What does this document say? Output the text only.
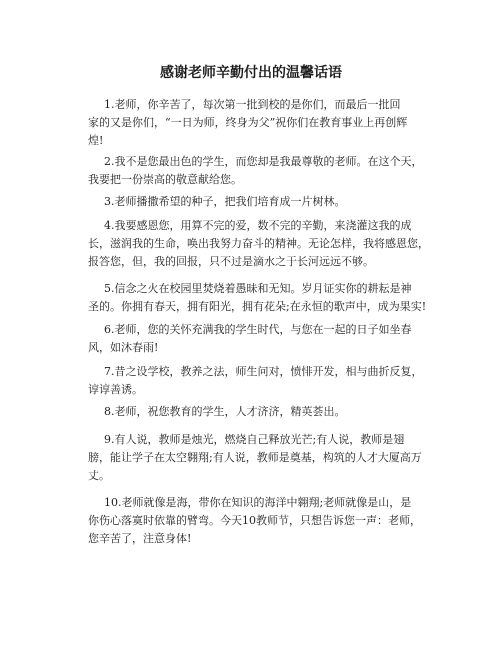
感谢老师辛勤付出的温馨话语
1.老师，你辛苦了，每次第一批到校的是你们，而最后一批回
家的又是你们，“一日为师，终身为父”祝你们在教育事业上再创辉
煌!
2.我不是您最出色的学生，而您却是我最尊敬的老师。在这个天，
我要把一份崇高的敬意献给您。
3.老师播撒希望的种子，把我们培育成一片树林。
4.我要感恩您，用算不完的爱，数不完的辛勤，来浇灌这我的成
长，滋润我的生命，唤出我努力奋斗的精神。无论怎样，我将感恩您，
报答您，但，我的回报，只不过是滴水之于长河远远不够。
5.信念之火在校园里焚烧着愚昧和无知。岁月证实你的耕耘是神
圣的。你拥有春天，拥有阳光，拥有花朵;在永恒的歌声中，成为果实!
6.老师，您的关怀充满我的学生时代，与您在一起的日子如坐春
风，如沐春雨!
7.昔之设学校，教养之法，师生问对，愤悱开发，相与曲折反复，
谆谆善诱。
8.老师，祝您教育的学生，人才济济，精英荟出。
9.有人说，教师是烛光，燃烧自己释放光芒;有人说，教师是翅
膀，能让学子在太空翱翔;有人说，教师是奠基，构筑的人才大厦高万
丈。
10.老师就像是海，带你在知识的海洋中翱翔;老师就像是山，是
你伤心落寞时依靠的臂弯。今天10教师节，只想告诉您一声：老师，
您辛苦了，注意身体!
